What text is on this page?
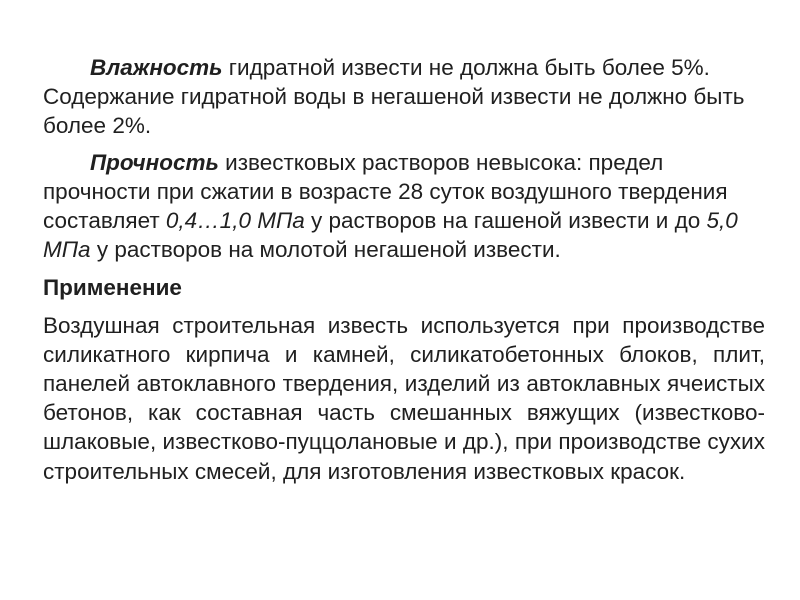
Влажность гидратной извести не должна быть более 5%. Содержание гидратной воды в негашеной извести не должно быть более 2%.

Прочность известковых растворов невысока: предел прочности при сжатии в возрасте 28 суток воздушного твердения составляет 0,4…1,0 МПа у растворов на гашеной извести и до 5,0 МПа у растворов на молотой негашеной извести.

Применение

Воздушная строительная известь используется при производстве силикатного кирпича и камней, силикатобетонных блоков, плит, панелей автоклавного твердения, изделий из автоклавных ячеистых бетонов, как составная часть смешанных вяжущих (известково-шлаковые, известково-пуццолановые и др.), при производстве сухих строительных смесей, для изготовления известковых красок.
